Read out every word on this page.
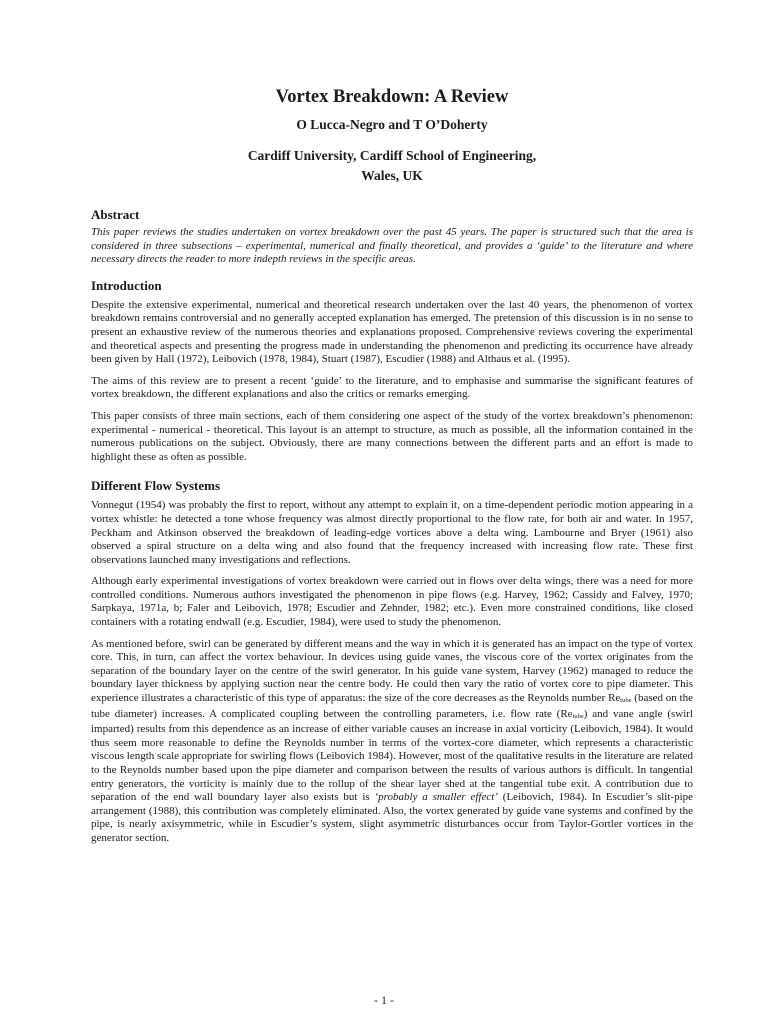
Vortex Breakdown: A Review
O Lucca-Negro and T O’Doherty
Cardiff University, Cardiff School of Engineering,
Wales, UK
Abstract

This paper reviews the studies undertaken on vortex breakdown over the past 45 years. The paper is structured such that the area is considered in three subsections – experimental, numerical and finally theoretical, and provides a ‘guide’ to the literature and where necessary directs the reader to more indepth reviews in the specific areas.

Introduction

Despite the extensive experimental, numerical and theoretical research undertaken over the last 40 years, the phenomenon of vortex breakdown remains controversial and no generally accepted explanation has emerged. The pretension of this discussion is in no sense to present an exhaustive review of the numerous theories and explanations proposed. Comprehensive reviews covering the experimental and theoretical aspects and presenting the progress made in understanding the phenomenon and predicting its occurrence have already been given by Hall (1972), Leibovich (1978, 1984), Stuart (1987), Escudier (1988) and Althaus et al. (1995).

The aims of this review are to present a recent ‘guide’ to the literature, and to emphasise and summarise the significant features of vortex breakdown, the different explanations and also the critics or remarks emerging.

This paper consists of three main sections, each of them considering one aspect of the study of the vortex breakdown’s phenomenon: experimental - numerical - theoretical. This layout is an attempt to structure, as much as possible, all the information contained in the numerous publications on the subject. Obviously, there are many connections between the different parts and an effort is made to highlight these as often as possible.

Different Flow Systems

Vonnegut (1954) was probably the first to report, without any attempt to explain it, on a time-dependent periodic motion appearing in a vortex whistle: he detected a tone whose frequency was almost directly proportional to the flow rate, for both air and water. In 1957, Peckham and Atkinson observed the breakdown of leading-edge vortices above a delta wing. Lambourne and Bryer (1961) also observed a spiral structure on a delta wing and also found that the frequency increased with increasing flow rate. These first observations launched many investigations and reflections.

Although early experimental investigations of vortex breakdown were carried out in flows over delta wings, there was a need for more controlled conditions. Numerous authors investigated the phenomenon in pipe flows (e.g. Harvey, 1962; Cassidy and Falvey, 1970; Sarpkaya, 1971a, b; Faler and Leibovich, 1978; Escudier and Zehnder, 1982; etc.). Even more constrained conditions, like closed containers with a rotating endwall (e.g. Escudier, 1984), were used to study the phenomenon.

As mentioned before, swirl can be generated by different means and the way in which it is generated has an impact on the type of vortex core. This, in turn, can affect the vortex behaviour. In devices using guide vanes, the viscous core of the vortex originates from the separation of the boundary layer on the centre of the swirl generator. In his guide vane system, Harvey (1962) managed to reduce the boundary layer thickness by applying suction near the centre body. He could then vary the ratio of vortex core to pipe diameter. This experience illustrates a characteristic of this type of apparatus: the size of the core decreases as the Reynolds number Retube (based on the tube diameter) increases. A complicated coupling between the controlling parameters, i.e. flow rate (Retube) and vane angle (swirl imparted) results from this dependence as an increase of either variable causes an increase in axial vorticity (Leibovich, 1984). It would thus seem more reasonable to define the Reynolds number in terms of the vortex-core diameter, which represents a characteristic viscous length scale appropriate for swirling flows (Leibovich 1984). However, most of the qualitative results in the literature are related to the Reynolds number based upon the pipe diameter and comparison between the results of various authors is difficult. In tangential entry generators, the vorticity is mainly due to the rollup of the shear layer shed at the tangential tube exit. A contribution due to separation of the end wall boundary layer also exists but is ‘probably a smaller effect’ (Leibovich, 1984). In Escudier’s slit-pipe arrangement (1988), this contribution was completely eliminated. Also, the vortex generated by guide vane systems and confined by the pipe, is nearly axisymmetric, while in Escudier’s system, slight asymmetric disturbances occur from Taylor-Gortler vortices in the generator section.

- 1 -
